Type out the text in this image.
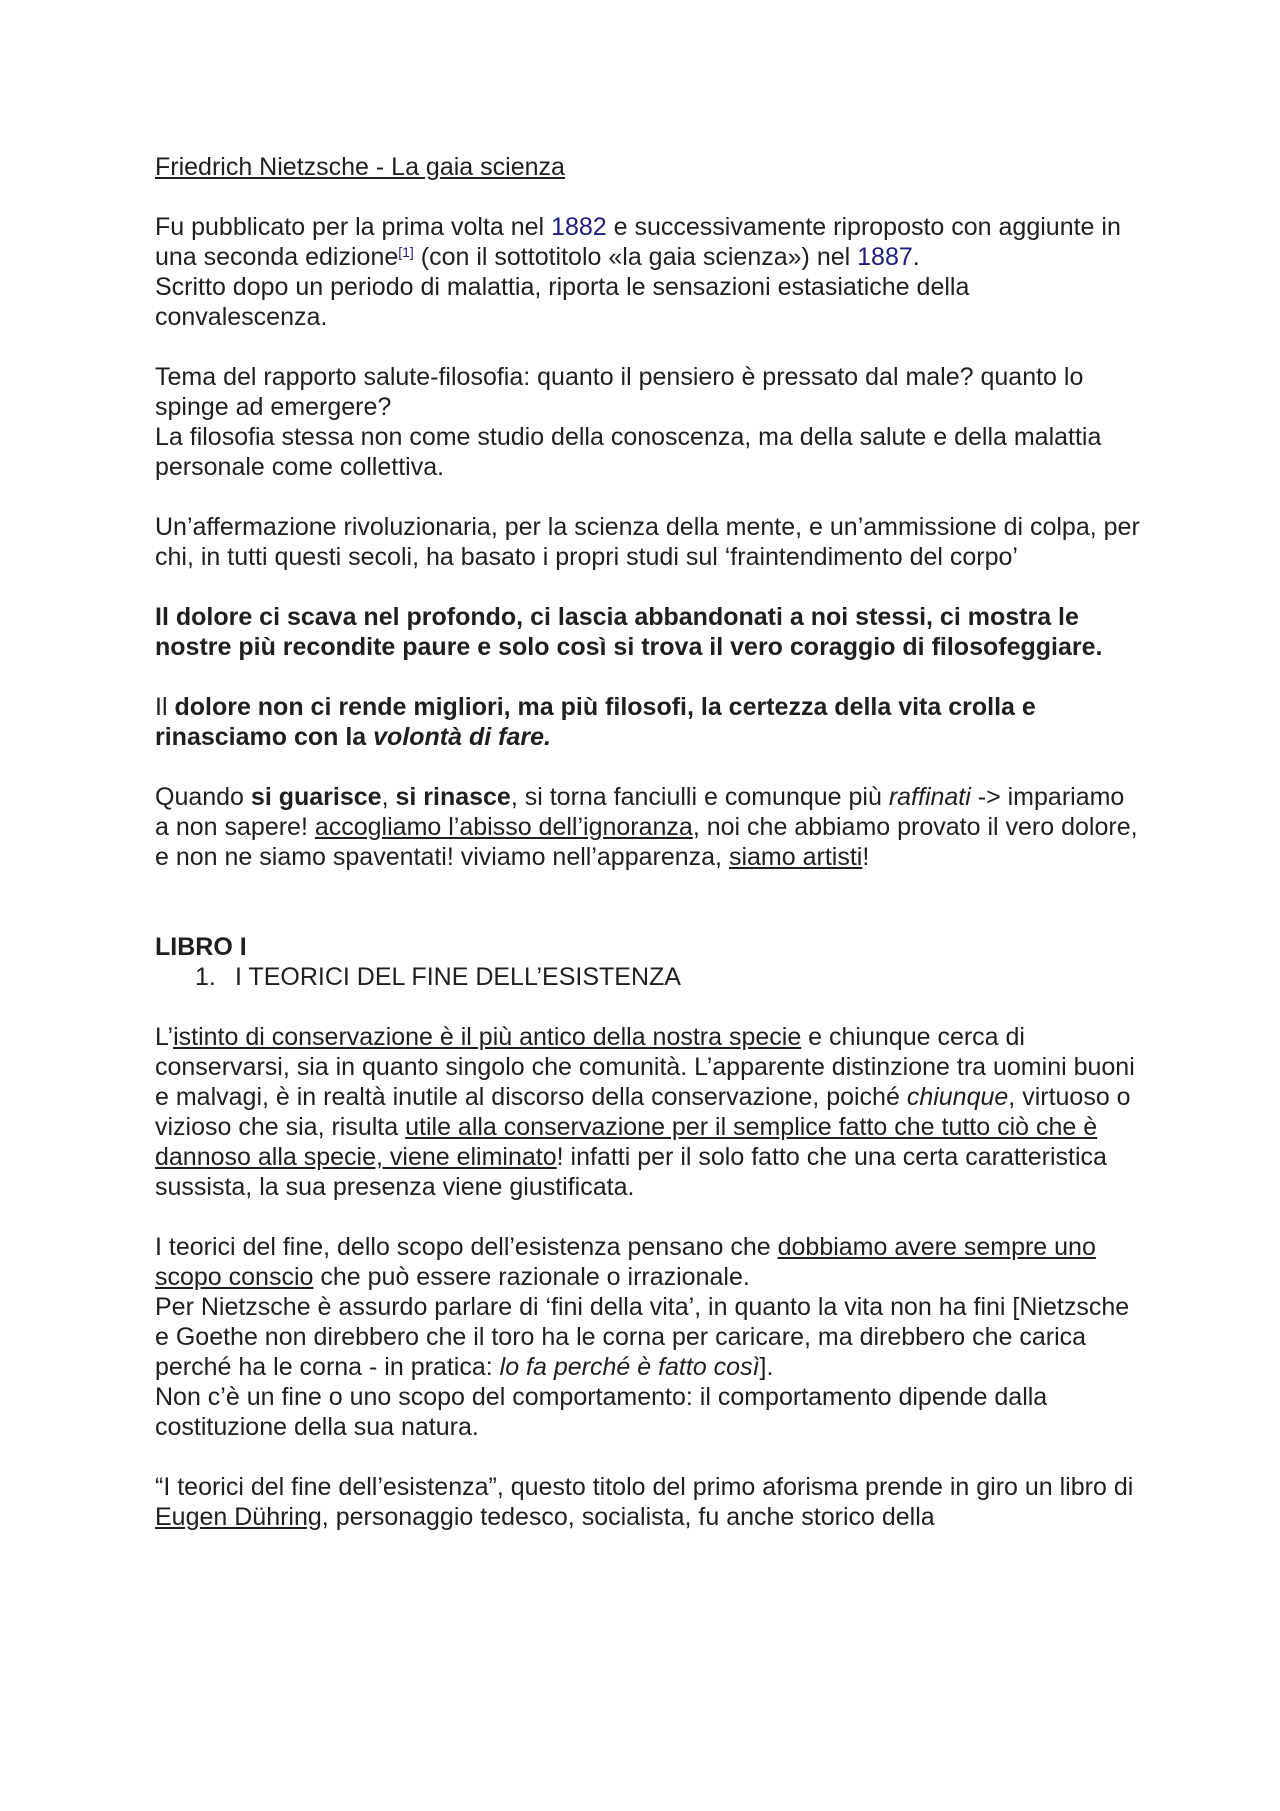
Friedrich Nietzsche - La gaia scienza

Fu pubblicato per la prima volta nel 1882 e successivamente riproposto con aggiunte in una seconda edizione[1] (con il sottotitolo «la gaia scienza») nel 1887.
Scritto dopo un periodo di malattia, riporta le sensazioni estasiatiche della convalescenza.

Tema del rapporto salute-filosofia: quanto il pensiero è pressato dal male? quanto lo spinge ad emergere?
La filosofia stessa non come studio della conoscenza, ma della salute e della malattia personale come collettiva.

Un’affermazione rivoluzionaria, per la scienza della mente, e un’ammissione di colpa, per chi, in tutti questi secoli, ha basato i propri studi sul ‘fraintendimento del corpo’

Il dolore ci scava nel profondo, ci lascia abbandonati a noi stessi, ci mostra le nostre più recondite paure e solo così si trova il vero coraggio di filosofeggiare.

Il dolore non ci rende migliori, ma più filosofi, la certezza della vita crolla e rinasciamo con la volontà di fare.

Quando si guarisce, si rinasce, si torna fanciulli e comunque più raffinati -> impariamo a non sapere! accogliamo l’abisso dell’ignoranza, noi che abbiamo provato il vero dolore, e non ne siamo spaventati! viviamo nell’apparenza, siamo artisti!

LIBRO I

1. I TEORICI DEL FINE DELL’ESISTENZA

L’istinto di conservazione è il più antico della nostra specie e chiunque cerca di conservarsi, sia in quanto singolo che comunità. L’apparente distinzione tra uomini buoni e malvagi, è in realtà inutile al discorso della conservazione, poiché chiunque, virtuoso o vizioso che sia, risulta utile alla conservazione per il semplice fatto che tutto ciò che è dannoso alla specie, viene eliminato! infatti per il solo fatto che una certa caratteristica sussista, la sua presenza viene giustificata.

I teorici del fine, dello scopo dell’esistenza pensano che dobbiamo avere sempre uno scopo conscio che può essere razionale o irrazionale.
Per Nietzsche è assurdo parlare di ‘fini della vita’, in quanto la vita non ha fini [Nietzsche e Goethe non direbbero che il toro ha le corna per caricare, ma direbbero che carica perché ha le corna - in pratica: lo fa perché è fatto così].
Non c’è un fine o uno scopo del comportamento: il comportamento dipende dalla costituzione della sua natura.

“I teorici del fine dell’esistenza”, questo titolo del primo aforisma prende in giro un libro di Eugen Dühring, personaggio tedesco, socialista, fu anche storico della
